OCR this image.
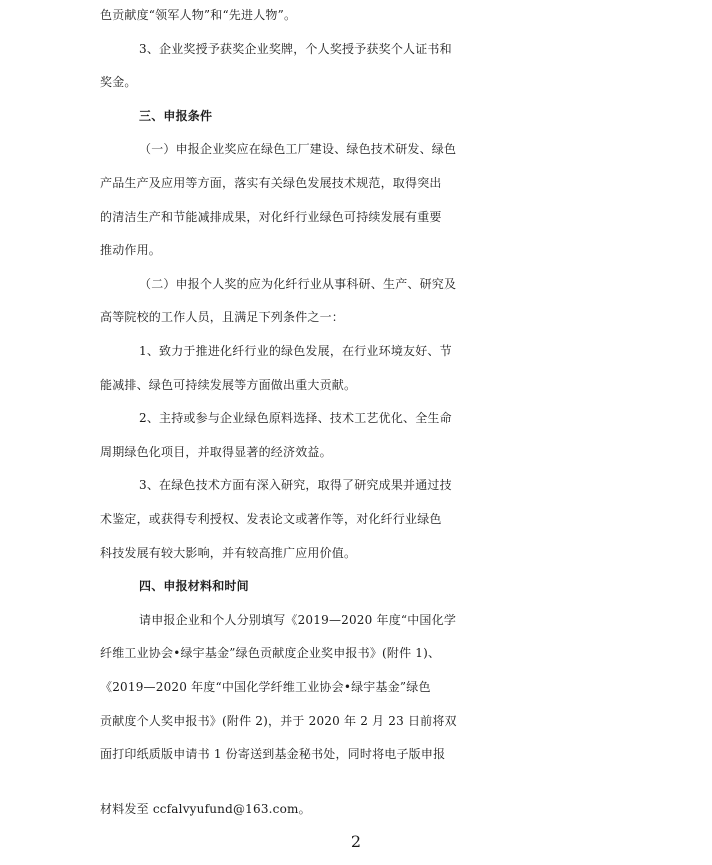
色贡献度“领军人物”和“先进人物”。
3、企业奖授予获奖企业奖牌，个人奖授予获奖个人证书和
奖金。
三、申报条件
（一）申报企业奖应在绿色工厂建设、绿色技术研发、绿色
产品生产及应用等方面，落实有关绿色发展技术规范，取得突出
的清洁生产和节能减排成果，对化纤行业绿色可持续发展有重要
推动作用。
（二）申报个人奖的应为化纤行业从事科研、生产、研究及
高等院校的工作人员，且满足下列条件之一：
1、致力于推进化纤行业的绿色发展，在行业环境友好、节
能减排、绿色可持续发展等方面做出重大贡献。
2、主持或参与企业绿色原料选择、技术工艺优化、全生命
周期绿色化项目，并取得显著的经济效益。
3、在绿色技术方面有深入研究，取得了研究成果并通过技
术鉴定，或获得专利授权、发表论文或著作等，对化纤行业绿色
科技发展有较大影响，并有较高推广应用价值。
四、申报材料和时间
请申报企业和个人分别填写《2019—2020 年度“中国化学
纤维工业协会•绿宇基金”绿色贡献度企业奖申报书》(附件 1)、
《2019—2020 年度“中国化学纤维工业协会•绿宇基金”绿色
贡献度个人奖申报书》(附件 2)，并于 2020 年 2 月 23 日前将双
面打印纸质版申请书 1 份寄送到基金秘书处，同时将电子版申报
材料发至 ccfalvyufund@163.com。
2
